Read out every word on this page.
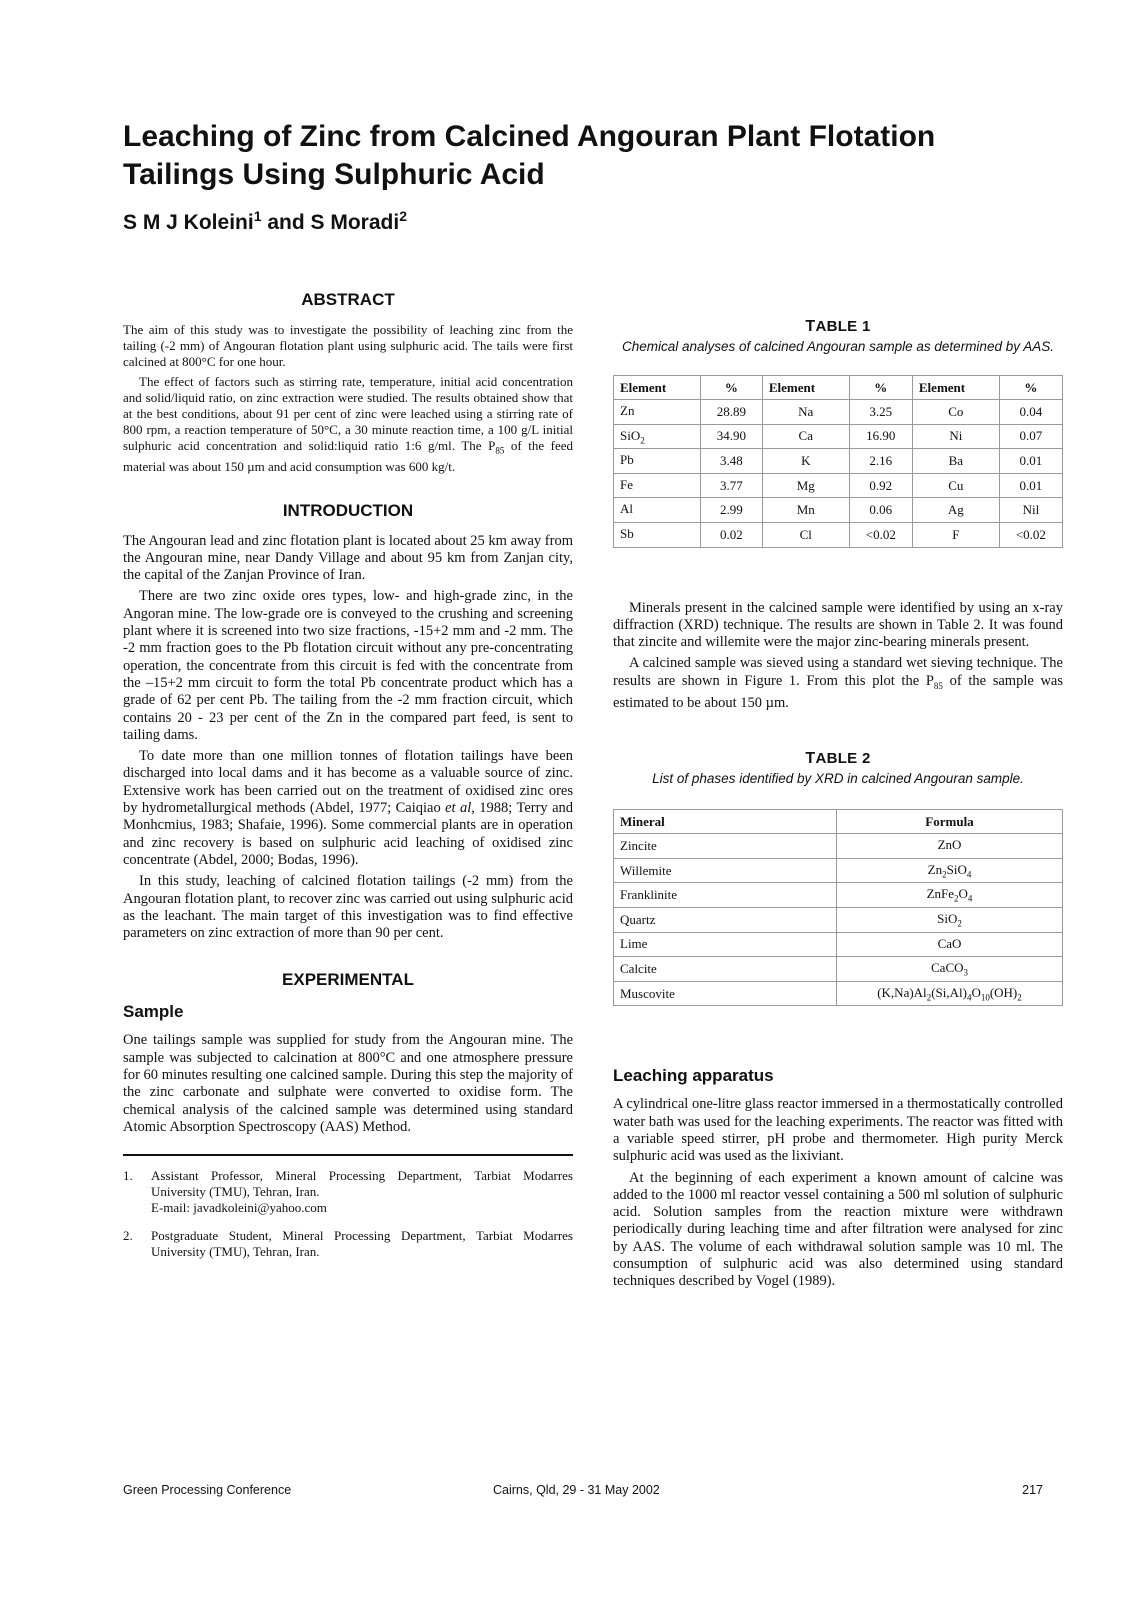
Leaching of Zinc from Calcined Angouran Plant Flotation Tailings Using Sulphuric Acid
S M J Koleini$^1$ and S Moradi$^2$
ABSTRACT

The aim of this study was to investigate the possibility of leaching zinc from the tailing (-2 mm) of Angouran flotation plant using sulphuric acid. The tails were first calcined at 800°C for one hour.

The effect of factors such as stirring rate, temperature, initial acid concentration and solid/liquid ratio, on zinc extraction were studied. The results obtained show that at the best conditions, about 91 per cent of zinc were leached using a stirring rate of 800 rpm, a reaction temperature of 50°C, a 30 minute reaction time, a 100 g/L initial sulphuric acid concentration and solid:liquid ratio 1:6 g/ml. The $P_{85}$ of the feed material was about 150 µm and acid consumption was 600 kg/t.

INTRODUCTION

The Angouran lead and zinc flotation plant is located about 25 km away from the Angouran mine, near Dandy Village and about 95 km from Zanjan city, the capital of the Zanjan Province of Iran.

There are two zinc oxide ores types, low- and high-grade zinc, in the Angoran mine. The low-grade ore is conveyed to the crushing and screening plant where it is screened into two size fractions, -15+2 mm and -2 mm. The -2 mm fraction goes to the Pb flotation circuit without any pre-concentrating operation, the concentrate from this circuit is fed with the concentrate from the –15+2 mm circuit to form the total Pb concentrate product which has a grade of 62 per cent Pb. The tailing from the -2 mm fraction circuit, which contains 20 - 23 per cent of the Zn in the compared part feed, is sent to tailing dams.

To date more than one million tonnes of flotation tailings have been discharged into local dams and it has become as a valuable source of zinc. Extensive work has been carried out on the treatment of oxidised zinc ores by hydrometallurgical methods (Abdel, 1977; Caiqiao et al, 1988; Terry and Monhcmius, 1983; Shafaie, 1996). Some commercial plants are in operation and zinc recovery is based on sulphuric acid leaching of oxidised zinc concentrate (Abdel, 2000; Bodas, 1996).

In this study, leaching of calcined flotation tailings (-2 mm) from the Angouran flotation plant, to recover zinc was carried out using sulphuric acid as the leachant. The main target of this investigation was to find effective parameters on zinc extraction of more than 90 per cent.

EXPERIMENTAL
Sample

One tailings sample was supplied for study from the Angouran mine. The sample was subjected to calcination at 800°C and one atmosphere pressure for 60 minutes resulting one calcined sample. During this step the majority of the zinc carbonate and sulphate were converted to oxidise form. The chemical analysis of the calcined sample was determined using standard Atomic Absorption Spectroscopy (AAS) Method.

1.	Assistant Professor, Mineral Processing Department, Tarbiat Modarres University (TMU), Tehran, Iran.
E-mail: javadkoleini@yahoo.com
2.	Postgraduate Student, Mineral Processing Department, Tarbiat Modarres University (TMU), Tehran, Iran.
TABLE 1
Chemical analyses of calcined Angouran sample as determined by AAS.
Element	%	Element	%	Element	%
Zn	28.89	Na	3.25	Co	0.04
SiO$_2$	34.90	Ca	16.90	Ni	0.07
Pb	3.48	K	2.16	Ba	0.01
Fe	3.77	Mg	0.92	Cu	0.01
Al	2.99	Mn	0.06	Ag	Nil
Sb	0.02	Cl	<0.02	F	<0.02

Minerals present in the calcined sample were identified by using an x-ray diffraction (XRD) technique. The results are shown in Table 2. It was found that zincite and willemite were the major zinc-bearing minerals present.

A calcined sample was sieved using a standard wet sieving technique. The results are shown in Figure 1. From this plot the $P_{85}$ of the sample was estimated to be about 150 µm.

TABLE 2
List of phases identified by XRD in calcined Angouran sample.
Mineral	Formula
Zincite	ZnO
Willemite	$Zn_2SiO_4$
Franklinite	$ZnFe_2O_4$
Quartz	SiO$_2$
Lime	CaO
Calcite	CaCO$_3$
Muscovite	$(K,Na)Al_2(Si,Al)_4O_{10}(OH)_2$
Leaching apparatus

A cylindrical one-litre glass reactor immersed in a thermostatically controlled water bath was used for the leaching experiments. The reactor was fitted with a variable speed stirrer, pH probe and thermometer. High purity Merck sulphuric acid was used as the lixiviant.

At the beginning of each experiment a known amount of calcine was added to the 1000 ml reactor vessel containing a 500 ml solution of sulphuric acid. Solution samples from the reaction mixture were withdrawn periodically during leaching time and after filtration were analysed for zinc by AAS. The volume of each withdrawal solution sample was 10 ml. The consumption of sulphuric acid was also determined using standard techniques described by Vogel (1989).

Green Processing Conference	Cairns, Qld, 29 - 31 May 2002	217
